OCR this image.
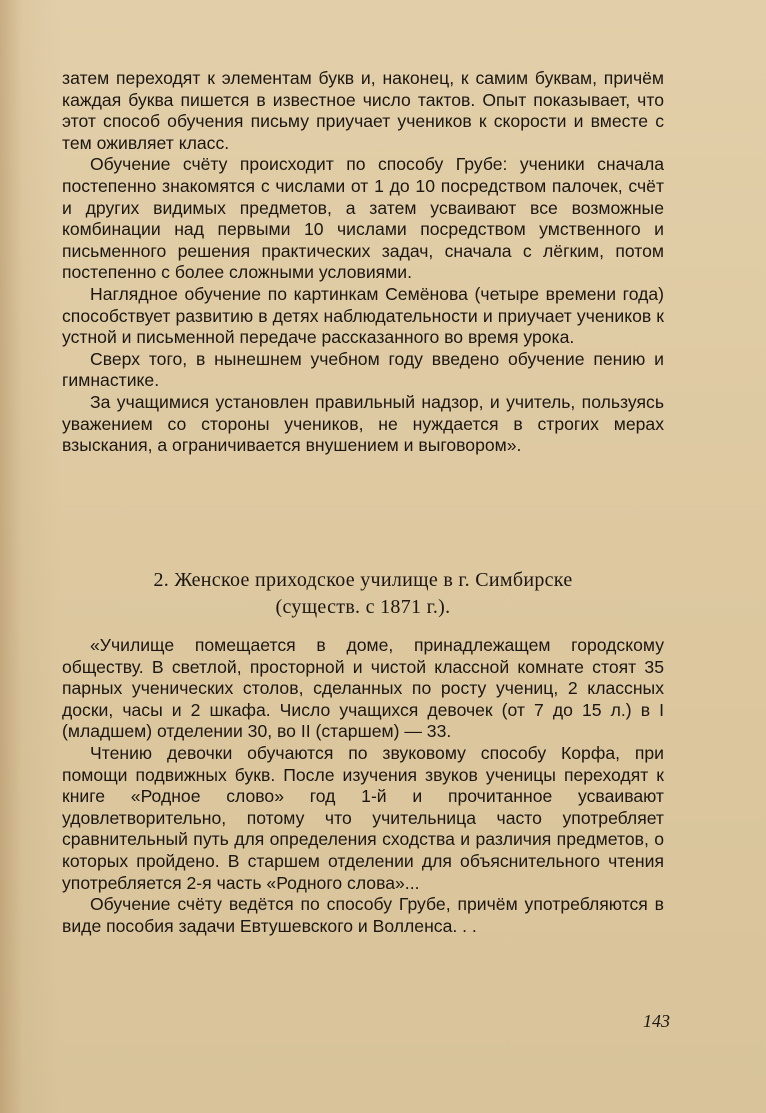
затем переходят к элементам букв и, наконец, к самим буквам, причём каждая буква пишется в известное число тактов. Опыт показывает, что этот способ обучения письму приучает учеников к скорости и вместе с тем оживляет класс.

Обучение счёту происходит по способу Грубе: ученики сначала постепенно знакомятся с числами от 1 до 10 посредством палочек, счёт и других видимых предметов, а затем усваивают все возможные комбинации над первыми 10 числами посредством умственного и письменного решения практических задач, сначала с лёгким, потом постепенно с более сложными условиями.

Наглядное обучение по картинкам Семёнова (четыре времени года) способствует развитию в детях наблюдательности и приучает учеников к устной и письменной передаче рассказанного во время урока.

Сверх того, в нынешнем учебном году введено обучение пению и гимнастике.

За учащимися установлен правильный надзор, и учитель, пользуясь уважением со стороны учеников, не нуждается в строгих мерах взыскания, а ограничивается внушением и выговором».

2. Женское приходское училище в г. Симбирске
(существ. с 1871 г.).

«Училище помещается в доме, принадлежащем городскому обществу. В светлой, просторной и чистой классной комнате стоят 35 парных ученических столов, сделанных по росту учениц, 2 классных доски, часы и 2 шкафа. Число учащихся девочек (от 7 до 15 л.) в I (младшем) отделении 30, во II (старшем) — 33.

Чтению девочки обучаются по звуковому способу Корфа, при помощи подвижных букв. После изучения звуков ученицы переходят к книге «Родное слово» год 1-й и прочитанное усваивают удовлетворительно, потому что учительница часто употребляет сравнительный путь для определения сходства и различия предметов, о которых пройдено. В старшем отделении для объяснительного чтения употребляется 2-я часть «Родного слова»...

Обучение счёту ведётся по способу Грубе, причём употребляются в виде пособия задачи Евтушевского и Волленса. . .

143
